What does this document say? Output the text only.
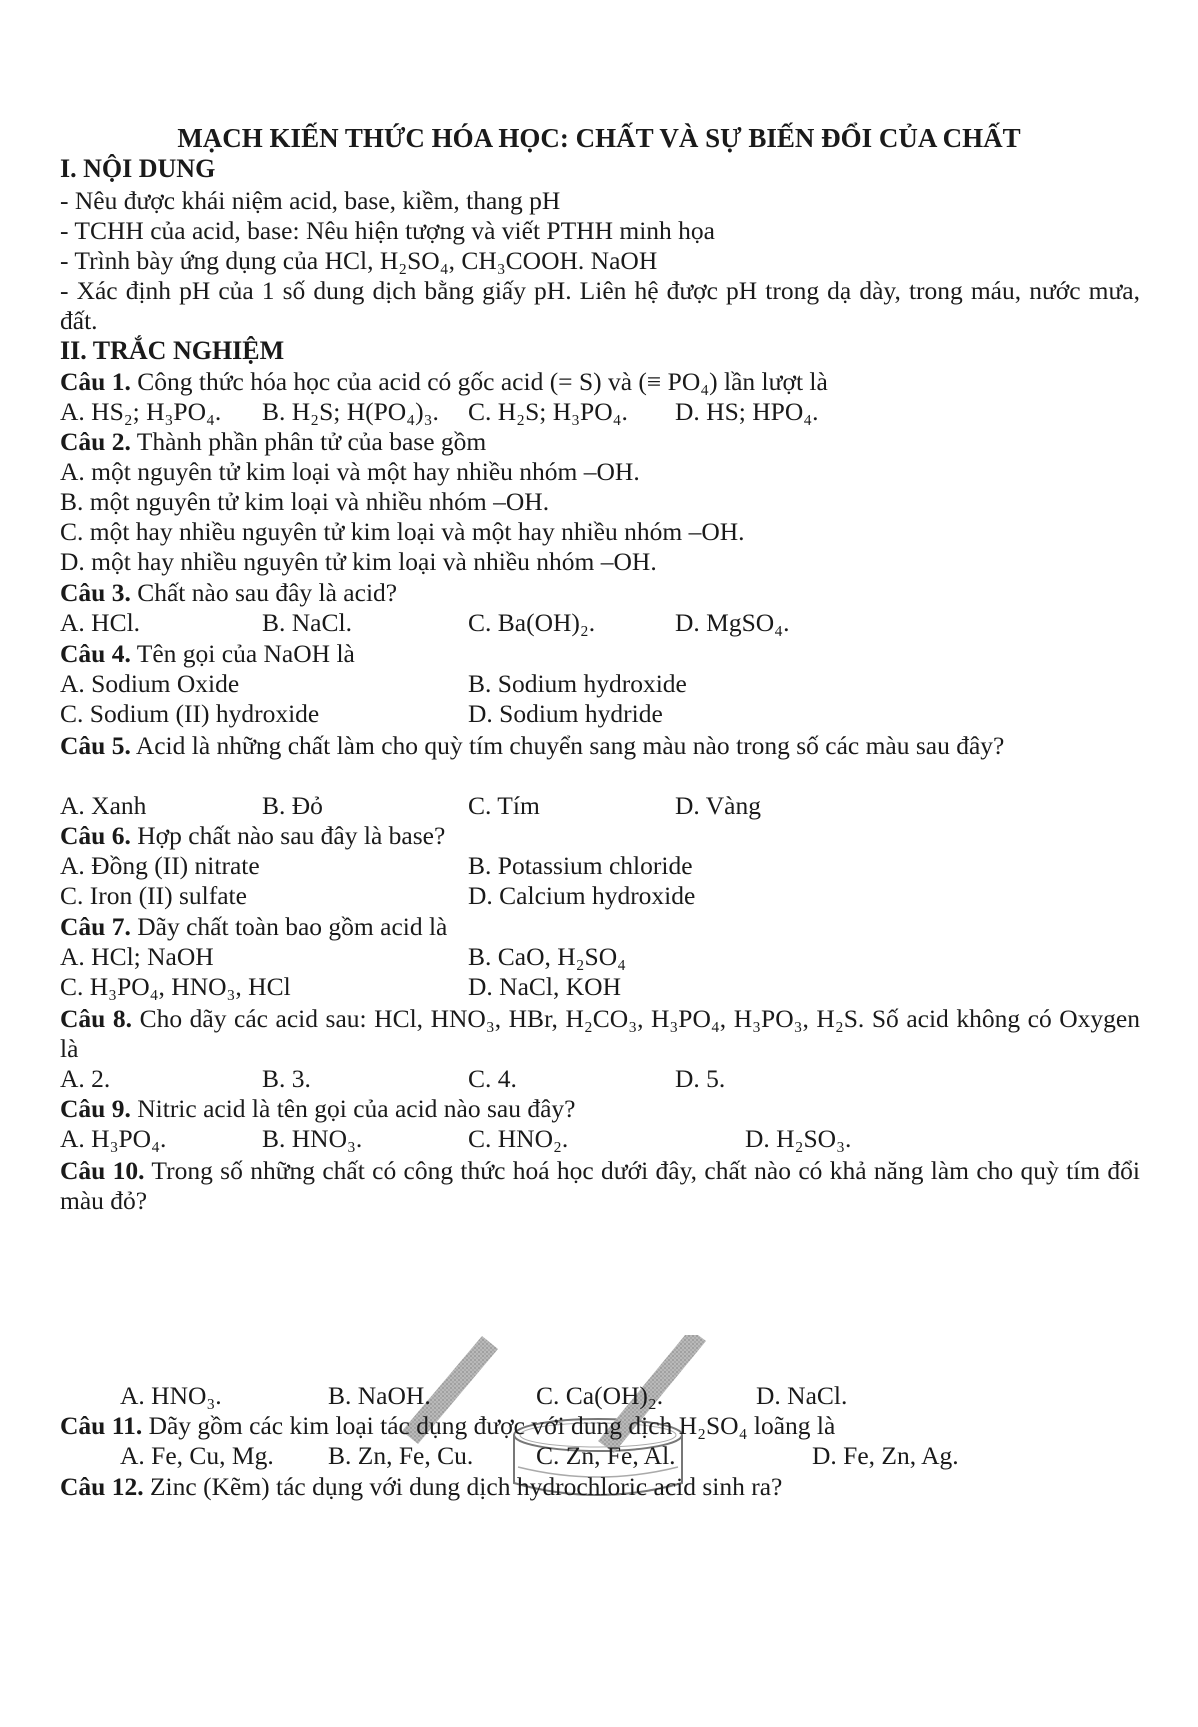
MẠCH KIẾN THỨC HÓA HỌC: CHẤT VÀ SỰ BIẾN ĐỔI CỦA CHẤT
I. NỘI DUNG
- Nêu được khái niệm acid, base, kiềm, thang pH
- TCHH của acid, base: Nêu hiện tượng và viết PTHH minh họa
- Trình bày ứng dụng của HCl, H₂SO₄, CH₃COOH. NaOH
- Xác định pH của 1 số dung dịch bằng giấy pH. Liên hệ được pH trong dạ dày, trong máu, nước mưa, đất.
II. TRẮC NGHIỆM
Câu 1. Công thức hóa học của acid có gốc acid (= S) và (≡ PO₄) lần lượt là
A. HS₂; H₃PO₄. B. H₂S; H(PO₄)₃. C. H₂S; H₃PO₄. D. HS; HPO₄.
Câu 2. Thành phần phân tử của base gồm
A. một nguyên tử kim loại và một hay nhiều nhóm –OH.
B. một nguyên tử kim loại và nhiều nhóm –OH.
C. một hay nhiều nguyên tử kim loại và một hay nhiều nhóm –OH.
D. một hay nhiều nguyên tử kim loại và nhiều nhóm –OH.
Câu 3. Chất nào sau đây là acid?
A. HCl.	B. NaCl.	C. Ba(OH)₂.	D. MgSO₄.
Câu 4. Tên gọi của NaOH là
A. Sodium Oxide	B. Sodium hydroxide
C. Sodium (II) hydroxide	D. Sodium hydride
Câu 5. Acid là những chất làm cho quỳ tím chuyển sang màu nào trong số các màu sau đây?
A. Xanh	B. Đỏ	C. Tím	D. Vàng
Câu 6. Hợp chất nào sau đây là base?
A. Đồng (II) nitrate	B. Potassium chloride
C. Iron (II) sulfate	D. Calcium hydroxide
Câu 7. Dãy chất toàn bao gồm acid là
A. HCl; NaOH	B. CaO, H₂SO₄
C. H₃PO₄, HNO₃, HCl	D. NaCl, KOH
Câu 8. Cho dãy các acid sau: HCl, HNO₃, HBr, H₂CO₃, H₃PO₄, H₃PO₃, H₂S. Số acid không có Oxygen là
A. 2.	B. 3.	C. 4.	D. 5.
Câu 9. Nitric acid là tên gọi của acid nào sau đây?
A. H₃PO₄.	B. HNO₃.	C. HNO₂.	D. H₂SO₃.
Câu 10. Trong số những chất có công thức hoá học dưới đây, chất nào có khả năng làm cho quỳ tím đổi màu đỏ?
A. HNO₃.	B. NaOH.	C. Ca(OH)₂.	D. NaCl.
Câu 11. Dãy gồm các kim loại tác dụng được với dung dịch H₂SO₄ loãng là
A. Fe, Cu, Mg. B. Zn, Fe, Cu. C. Zn, Fe, Al.	D. Fe, Zn, Ag.
Câu 12. Zinc (Kẽm) tác dụng với dung dịch hydrochloric acid sinh ra?
